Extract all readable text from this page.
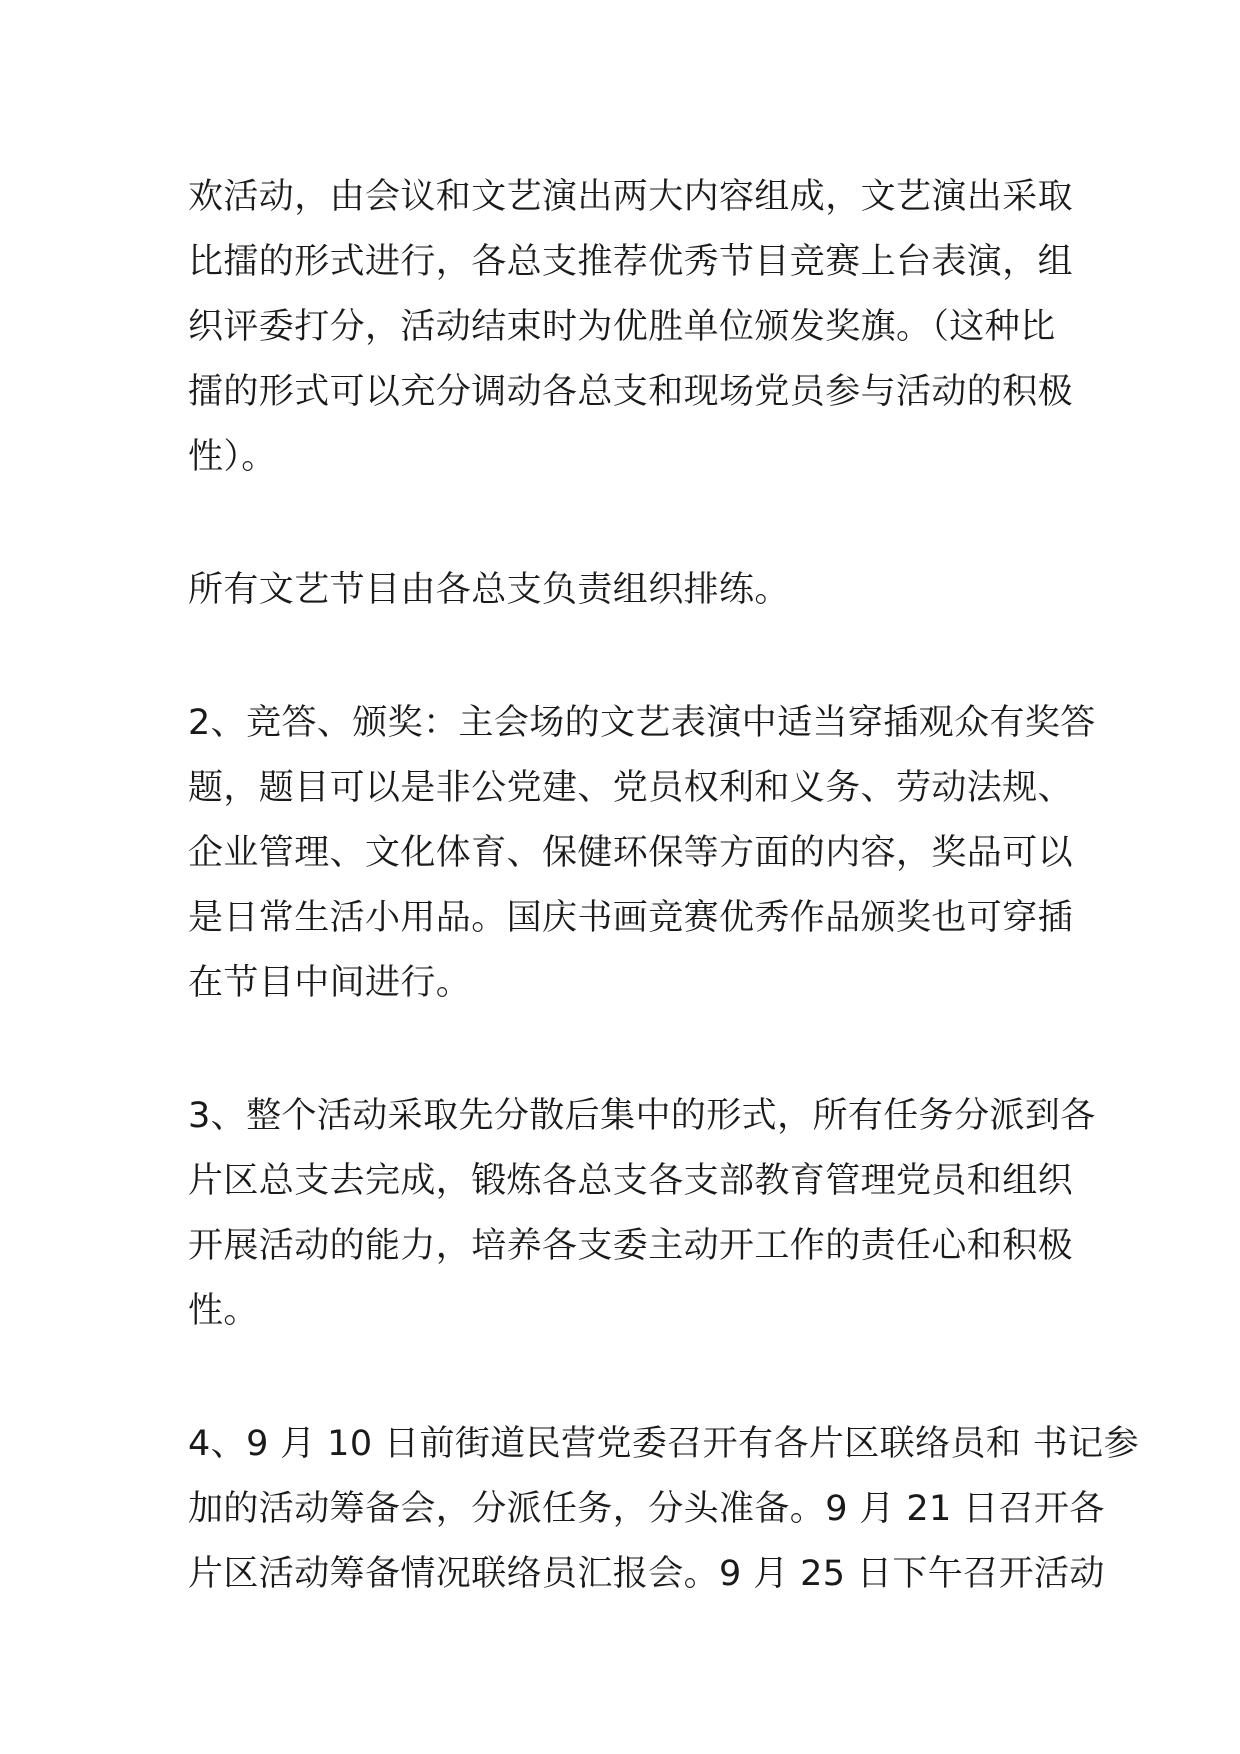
欢活动，由会议和文艺演出两大内容组成，文艺演出采取
比擂的形式进行，各总支推荐优秀节目竞赛上台表演，组
织评委打分，活动结束时为优胜单位颁发奖旗。（这种比
擂的形式可以充分调动各总支和现场党员参与活动的积极
性）。

所有文艺节目由各总支负责组织排练。

2、竞答、颁奖：主会场的文艺表演中适当穿插观众有奖答
题，题目可以是非公党建、党员权利和义务、劳动法规、
企业管理、文化体育、保健环保等方面的内容，奖品可以
是日常生活小用品。国庆书画竞赛优秀作品颁奖也可穿插
在节目中间进行。

3、整个活动采取先分散后集中的形式，所有任务分派到各
片区总支去完成，锻炼各总支各支部教育管理党员和组织
开展活动的能力，培养各支委主动开工作的责任心和积极
性。

4、9 月 10 日前街道民营党委召开有各片区联络员和 书记参
加的活动筹备会，分派任务，分头准备。9 月 21 日召开各
片区活动筹备情况联络员汇报会。9 月 25 日下午召开活动
